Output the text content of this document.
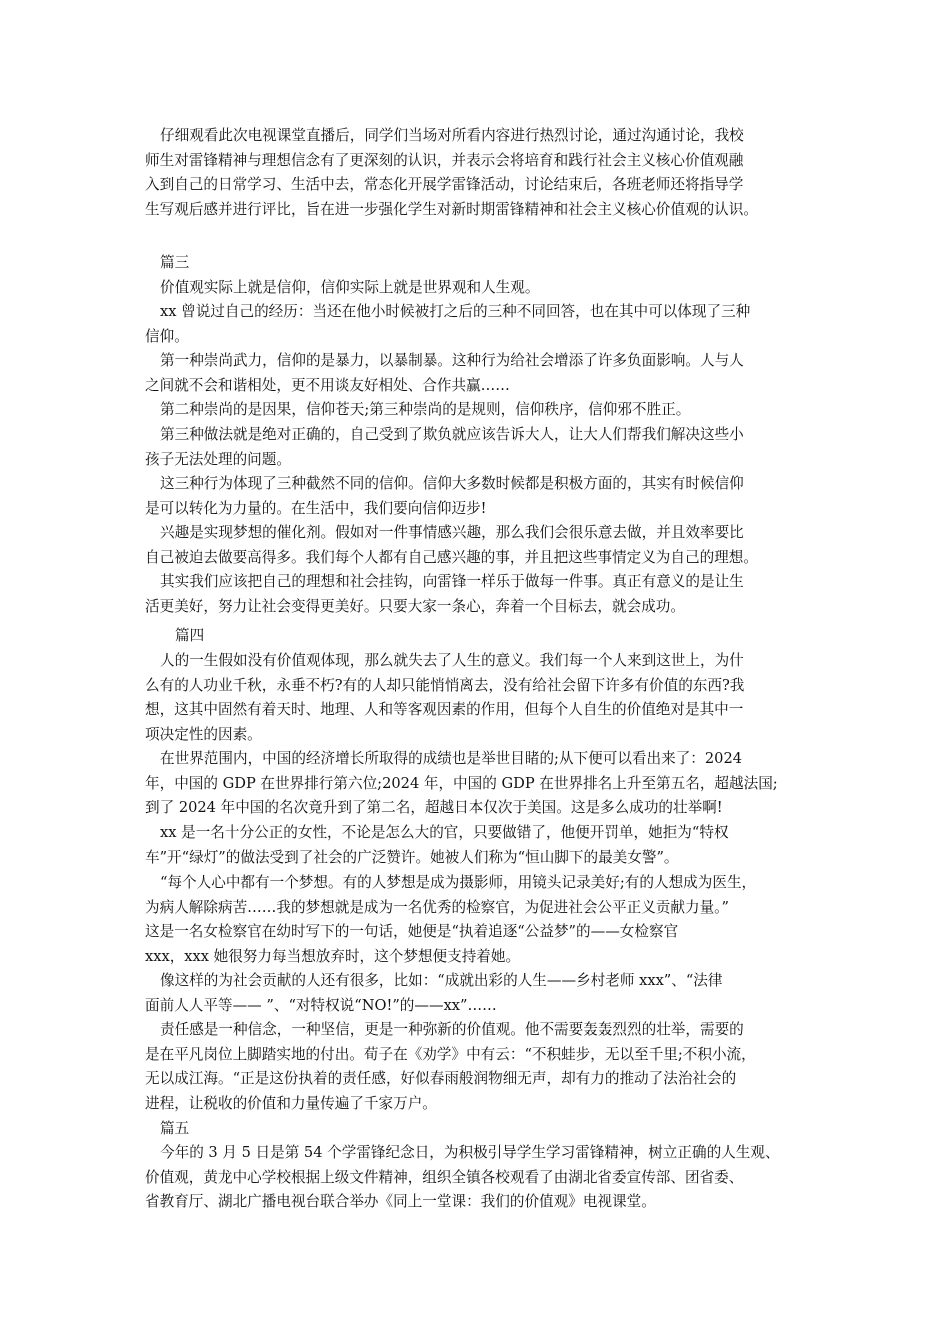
仔细观看此次电视课堂直播后，同学们当场对所看内容进行热烈讨论，通过沟通讨论，我校
师生对雷锋精神与理想信念有了更深刻的认识，并表示会将培育和践行社会主义核心价值观融
入到自己的日常学习、生活中去，常态化开展学雷锋活动，讨论结束后，各班老师还将指导学
生写观后感并进行评比，旨在进一步强化学生对新时期雷锋精神和社会主义核心价值观的认识。
篇三
价值观实际上就是信仰，信仰实际上就是世界观和人生观。
xx 曾说过自己的经历：当还在他小时候被打之后的三种不同回答，也在其中可以体现了三种
信仰。
第一种崇尚武力，信仰的是暴力，以暴制暴。这种行为给社会增添了许多负面影响。人与人
之间就不会和谐相处，更不用谈友好相处、合作共赢……
第二种崇尚的是因果，信仰苍天;第三种崇尚的是规则，信仰秩序，信仰邪不胜正。
第三种做法就是绝对正确的，自己受到了欺负就应该告诉大人，让大人们帮我们解决这些小
孩子无法处理的问题。
这三种行为体现了三种截然不同的信仰。信仰大多数时候都是积极方面的，其实有时候信仰
是可以转化为力量的。在生活中，我们要向信仰迈步!
兴趣是实现梦想的催化剂。假如对一件事情感兴趣，那么我们会很乐意去做，并且效率要比
自己被迫去做要高得多。我们每个人都有自己感兴趣的事，并且把这些事情定义为自己的理想。
其实我们应该把自己的理想和社会挂钩，向雷锋一样乐于做每一件事。真正有意义的是让生
活更美好，努力让社会变得更美好。只要大家一条心，奔着一个目标去，就会成功。
篇四
人的一生假如没有价值观体现，那么就失去了人生的意义。我们每一个人来到这世上，为什
么有的人功业千秋，永垂不朽?有的人却只能悄悄离去，没有给社会留下许多有价值的东西?我
想，这其中固然有着天时、地理、人和等客观因素的作用，但每个人自生的价值绝对是其中一
项决定性的因素。
在世界范围内，中国的经济增长所取得的成绩也是举世目睹的;从下便可以看出来了：2024
年，中国的 GDP 在世界排行第六位;2024 年，中国的 GDP 在世界排名上升至第五名，超越法国;
到了 2024 年中国的名次竟升到了第二名，超越日本仅次于美国。这是多么成功的壮举啊!
xx 是一名十分公正的女性，不论是怎么大的官，只要做错了，他便开罚单，她拒为“特权
车”开“绿灯”的做法受到了社会的广泛赞许。她被人们称为“恒山脚下的最美女警”。
“每个人心中都有一个梦想。有的人梦想是成为摄影师，用镜头记录美好;有的人想成为医生，
为病人解除病苦……我的梦想就是成为一名优秀的检察官，为促进社会公平正义贡献力量。”
这是一名女检察官在幼时写下的一句话，她便是“执着追逐“公益梦”的——女检察官
xxx，xxx 她很努力每当想放弃时，这个梦想便支持着她。
像这样的为社会贡献的人还有很多，比如：“成就出彩的人生——乡村老师 xxx”、“法律
面前人人平等—— ”、“对特权说“NO!”的——xx”……
责任感是一种信念，一种坚信，更是一种弥新的价值观。他不需要轰轰烈烈的壮举，需要的
是在平凡岗位上脚踏实地的付出。荀子在《劝学》中有云：“不积蛙步，无以至千里;不积小流，
无以成江海。“正是这份执着的责任感，好似春雨般润物细无声，却有力的推动了法治社会的
进程，让税收的价值和力量传遍了千家万户。
篇五
今年的 3 月 5 日是第 54 个学雷锋纪念日，为积极引导学生学习雷锋精神，树立正确的人生观、
价值观，黄龙中心学校根据上级文件精神，组织全镇各校观看了由湖北省委宣传部、团省委、
省教育厅、湖北广播电视台联合举办《同上一堂课：我们的价值观》电视课堂。
